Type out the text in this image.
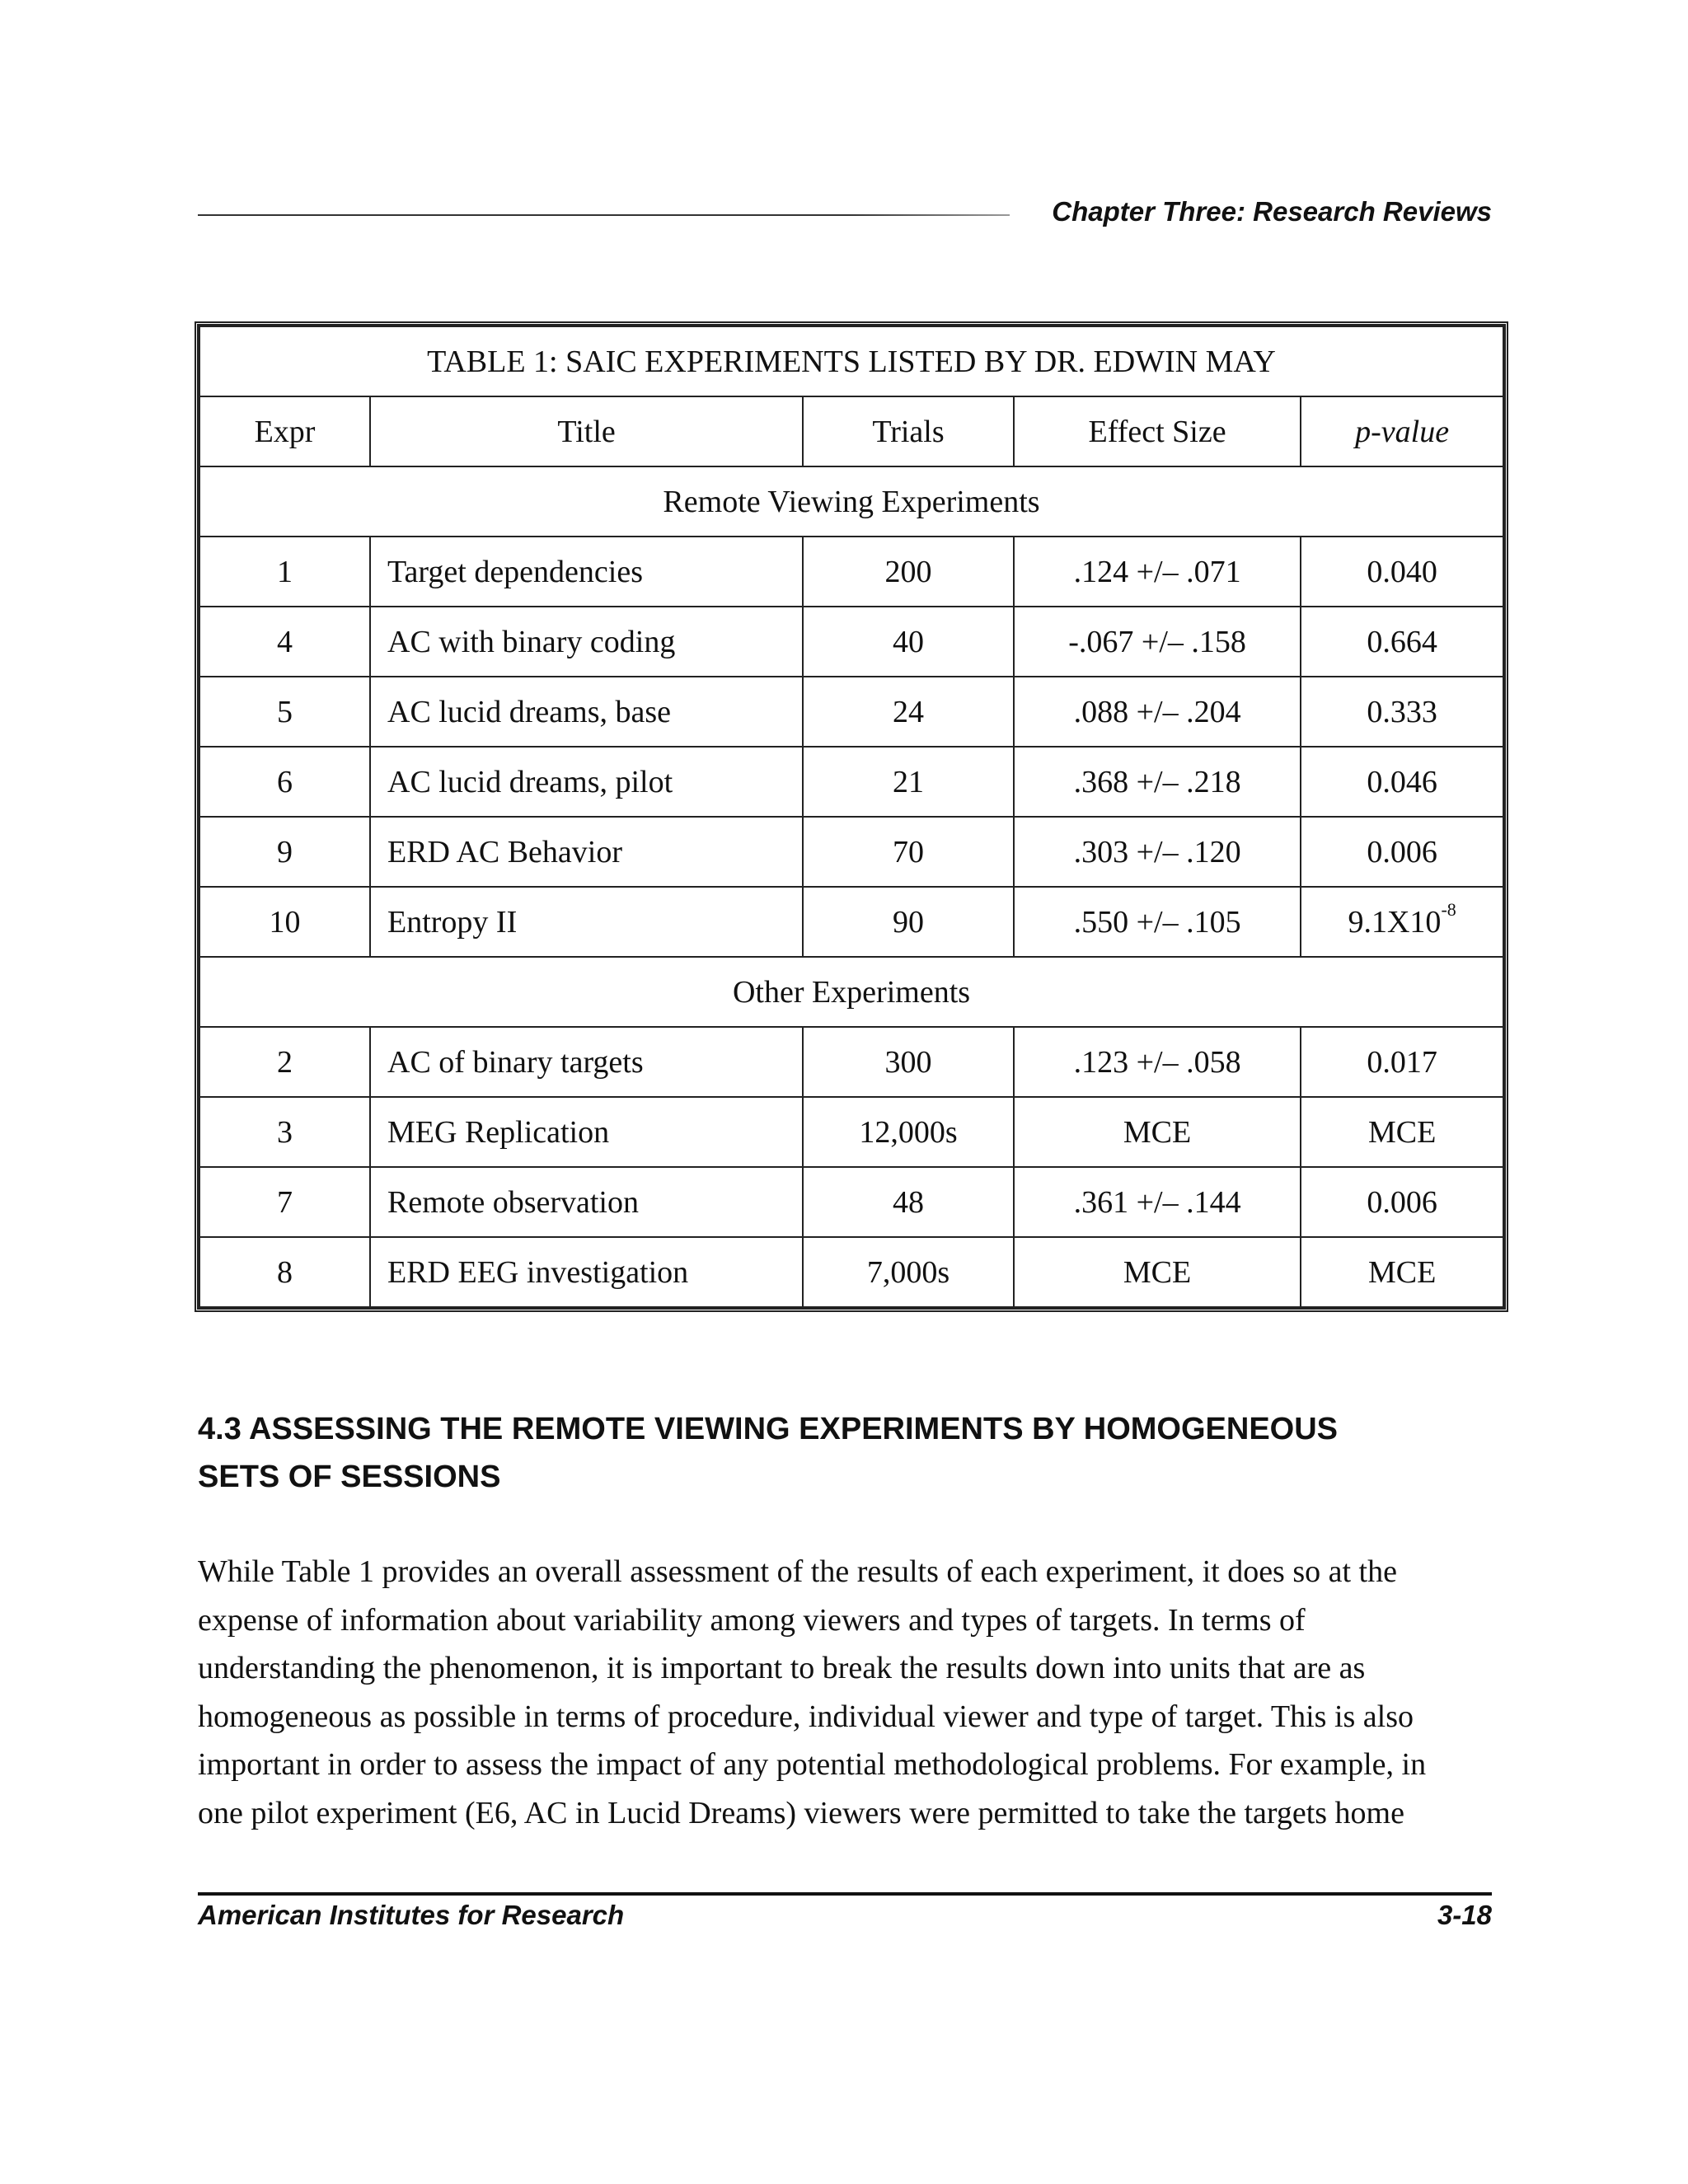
Chapter Three: Research Reviews
TABLE 1: SAIC EXPERIMENTS LISTED BY DR. EDWIN MAY				
Expr	Title	Trials	Effect Size	p-value
Remote Viewing Experiments				
1	Target dependencies	200	.124 +/– .071	0.040
4	AC with binary coding	40	-.067 +/– .158	0.664
5	AC lucid dreams, base	24	.088 +/– .204	0.333
6	AC lucid dreams, pilot	21	.368 +/– .218	0.046
9	ERD AC Behavior	70	.303 +/– .120	0.006
10	Entropy II	90	.550 +/– .105	$9.1X10^{-8}$
Other Experiments				
2	AC of binary targets	300	.123 +/– .058	0.017
3	MEG Replication	12,000s	MCE	MCE
7	Remote observation	48	.361 +/– .144	0.006
8	ERD EEG investigation	7,000s	MCE	MCE
4.3 ASSESSING THE REMOTE VIEWING EXPERIMENTS BY HOMOGENEOUS
SETS OF SESSIONS
While Table 1 provides an overall assessment of the results of each experiment, it does so at the
expense of information about variability among viewers and types of targets. In terms of
understanding the phenomenon, it is important to break the results down into units that are as
homogeneous as possible in terms of procedure, individual viewer and type of target. This is also
important in order to assess the impact of any potential methodological problems. For example, in
one pilot experiment (E6, AC in Lucid Dreams) viewers were permitted to take the targets home
American Institutes for Research	3-18
